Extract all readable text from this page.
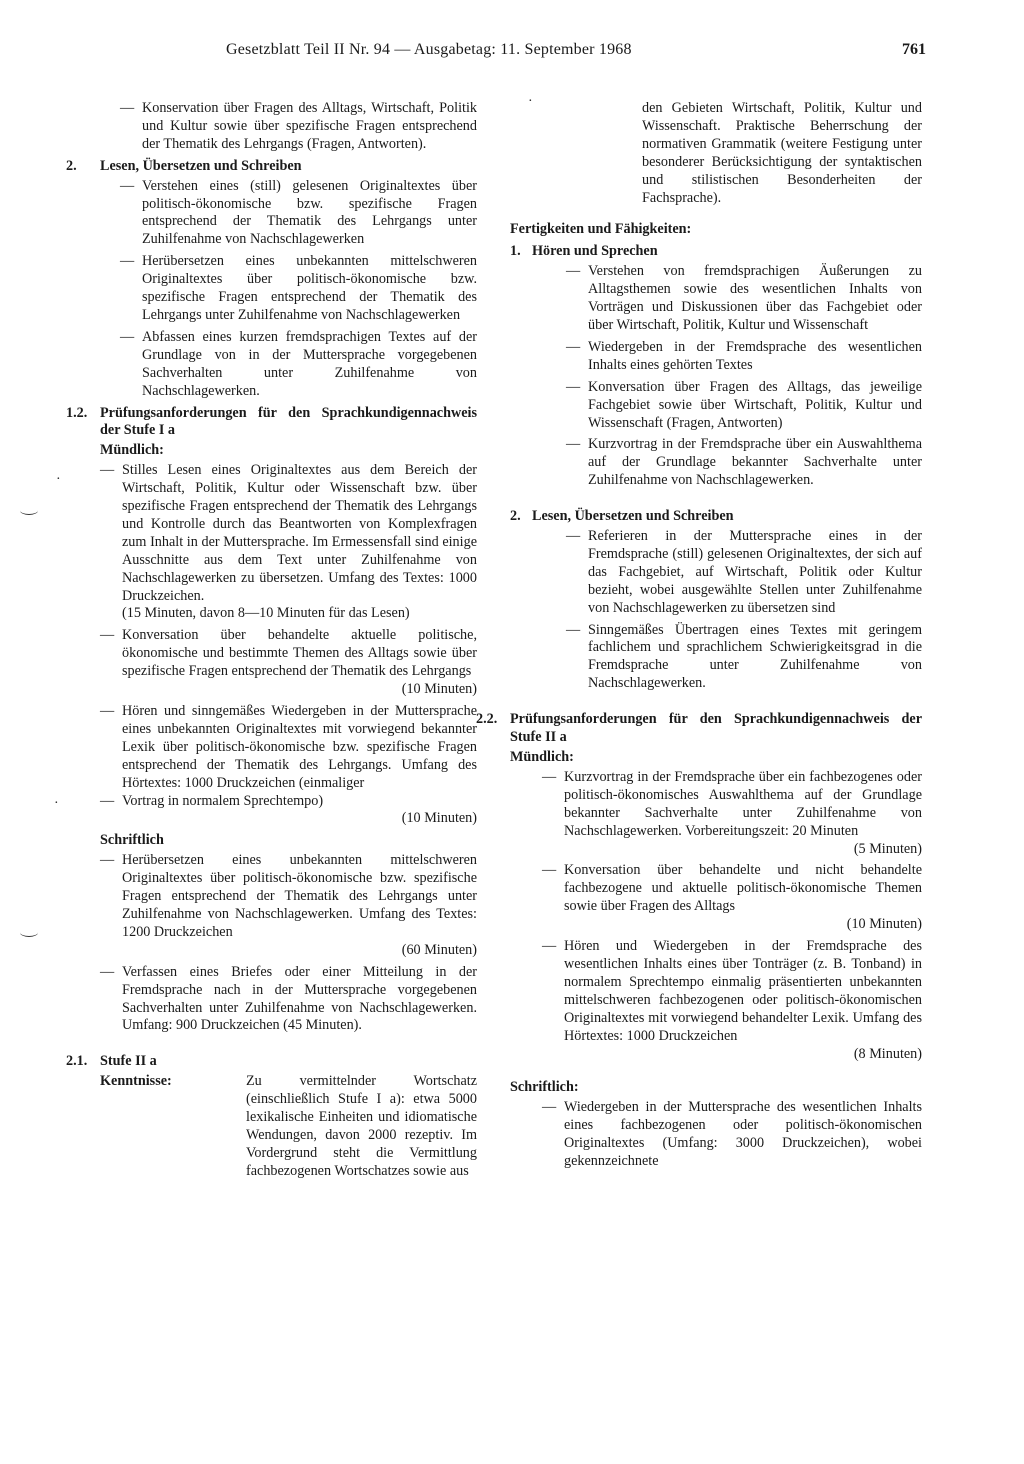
Gesetzblatt Teil II Nr. 94 — Ausgabetag: 11. September 1968	761
·
·
·
— Konservation über Fragen des Alltags, Wirtschaft, Politik und Kultur sowie über spezifische Fragen entsprechend der Thematik des Lehrgangs (Fragen, Antworten).
2. Lesen, Übersetzen und Schreiben
— Verstehen eines (still) gelesenen Originaltextes über politisch-ökonomische bzw. spezifische Fragen entsprechend der Thematik des Lehrgangs unter Zuhilfenahme von Nachschlagewerken
— Herübersetzen eines unbekannten mittelschweren Originaltextes über politisch-ökonomische bzw. spezifische Fragen entsprechend der Thematik des Lehrgangs unter Zuhilfenahme von Nachschlagewerken
— Abfassen eines kurzen fremdsprachigen Textes auf der Grundlage von in der Muttersprache vorgegebenen Sachverhalten unter Zuhilfenahme von Nachschlagewerken.
1.2. Prüfungsanforderungen für den Sprachkundigennachweis der Stufe I a
Mündlich:
— Stilles Lesen eines Originaltextes aus dem Bereich der Wirtschaft, Politik, Kultur oder Wissenschaft bzw. über spezifische Fragen entsprechend der Thematik des Lehrgangs und Kontrolle durch das Beantworten von Komplexfragen zum Inhalt in der Muttersprache. Im Ermessensfall sind einige Ausschnitte aus dem Text unter Zuhilfenahme von Nachschlagewerken zu übersetzen. Umfang des Textes: 1000 Druckzeichen.
(15 Minuten, davon 8—10 Minuten für das Lesen)
— Konversation über behandelte aktuelle politische, ökonomische und bestimmte Themen des Alltags sowie über spezifische Fragen entsprechend der Thematik des Lehrgangs
(10 Minuten)
— Hören und sinngemäßes Wiedergeben in der Muttersprache eines unbekannten Originaltextes mit vorwiegend bekannter Lexik über politisch-ökonomische bzw. spezifische Fragen entsprechend der Thematik des Lehrgangs. Umfang des Hörtextes: 1000 Druckzeichen (einmaliger
— Vortrag in normalem Sprechtempo)
(10 Minuten)
Schriftlich
— Herübersetzen eines unbekannten mittelschweren Originaltextes über politisch-ökonomische bzw. spezifische Fragen entsprechend der Thematik des Lehrgangs unter Zuhilfenahme von Nachschlagewerken. Umfang des Textes: 1200 Druckzeichen
(60 Minuten)
— Verfassen eines Briefes oder einer Mitteilung in der Fremdsprache nach in der Muttersprache vorgegebenen Sachverhalten unter Zuhilfenahme von Nachschlagewerken. Umfang: 900 Druckzeichen (45 Minuten).
2.1. Stufe II a
Kenntnisse:	Zu vermittelnder Wortschatz (einschließlich Stufe I a): etwa 5000 lexikalische Einheiten und idiomatische Wendungen, davon 2000 rezeptiv. Im Vordergrund steht die Vermittlung fachbezogenen Wortschatzes sowie aus
den Gebieten Wirtschaft, Politik, Kultur und Wissenschaft. Praktische Beherrschung der normativen Grammatik (weitere Festigung unter besonderer Berücksichtigung der syntaktischen und stilistischen Besonderheiten der Fachsprache).
Fertigkeiten und Fähigkeiten:
1. Hören und Sprechen
— Verstehen von fremdsprachigen Äußerungen zu Alltagsthemen sowie des wesentlichen Inhalts von Vorträgen und Diskussionen über das Fachgebiet oder über Wirtschaft, Politik, Kultur und Wissenschaft
— Wiedergeben in der Fremdsprache des wesentlichen Inhalts eines gehörten Textes
— Konversation über Fragen des Alltags, das jeweilige Fachgebiet sowie über Wirtschaft, Politik, Kultur und Wissenschaft (Fragen, Antworten)
— Kurzvortrag in der Fremdsprache über ein Auswahlthema auf der Grundlage bekannter Sachverhalte unter Zuhilfenahme von Nachschlagewerken.
2. Lesen, Übersetzen und Schreiben
— Referieren in der Muttersprache eines in der Fremdsprache (still) gelesenen Originaltextes, der sich auf das Fachgebiet, auf Wirtschaft, Politik oder Kultur bezieht, wobei ausgewählte Stellen unter Zuhilfenahme von Nachschlagewerken zu übersetzen sind
— Sinngemäßes Übertragen eines Textes mit geringem fachlichem und sprachlichem Schwierigkeitsgrad in die Fremdsprache unter Zuhilfenahme von Nachschlagewerken.
2.2. Prüfungsanforderungen für den Sprachkundigennachweis der Stufe II a
Mündlich:
— Kurzvortrag in der Fremdsprache über ein fachbezogenes oder politisch-ökonomisches Auswahlthema auf der Grundlage bekannter Sachverhalte unter Zuhilfenahme von Nachschlagewerken. Vorbereitungszeit: 20 Minuten
(5 Minuten)
— Konversation über behandelte und nicht behandelte fachbezogene und aktuelle politisch-ökonomische Themen sowie über Fragen des Alltags
(10 Minuten)
— Hören und Wiedergeben in der Fremdsprache des wesentlichen Inhalts eines über Tonträger (z. B. Tonband) in normalem Sprechtempo einmalig präsentierten unbekannten mittelschweren fachbezogenen oder politisch-ökonomischen Originaltextes mit vorwiegend behandelter Lexik. Umfang des Hörtextes: 1000 Druckzeichen
(8 Minuten)
Schriftlich:
— Wiedergeben in der Muttersprache des wesentlichen Inhalts eines fachbezogenen oder politisch-ökonomischen Originaltextes (Umfang: 3000 Druckzeichen), wobei gekennzeichnete
